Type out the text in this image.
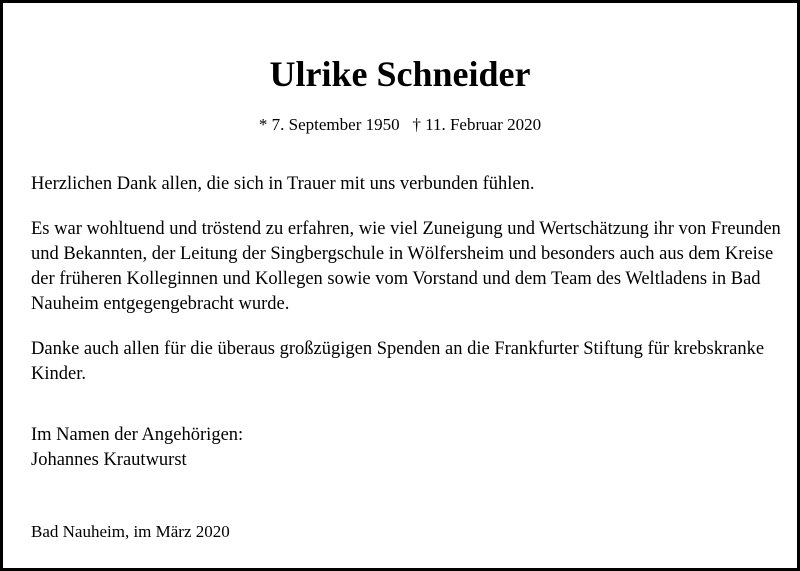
Ulrike Schneider
* 7. September 1950   † 11. Februar 2020
Herzlichen Dank allen, die sich in Trauer mit uns verbunden fühlen.
Es war wohltuend und tröstend zu erfahren, wie viel Zuneigung und Wertschätzung ihr von Freunden und Bekannten, der Leitung der Singbergschule in Wölfersheim und besonders auch aus dem Kreise der früheren Kolleginnen und Kollegen sowie vom Vorstand und dem Team des Weltladens in Bad Nauheim entgegengebracht wurde.
Danke auch allen für die überaus großzügigen Spenden an die Frankfurter Stiftung für krebskranke Kinder.
Im Namen der Angehörigen:
Johannes Krautwurst
Bad Nauheim, im März 2020
